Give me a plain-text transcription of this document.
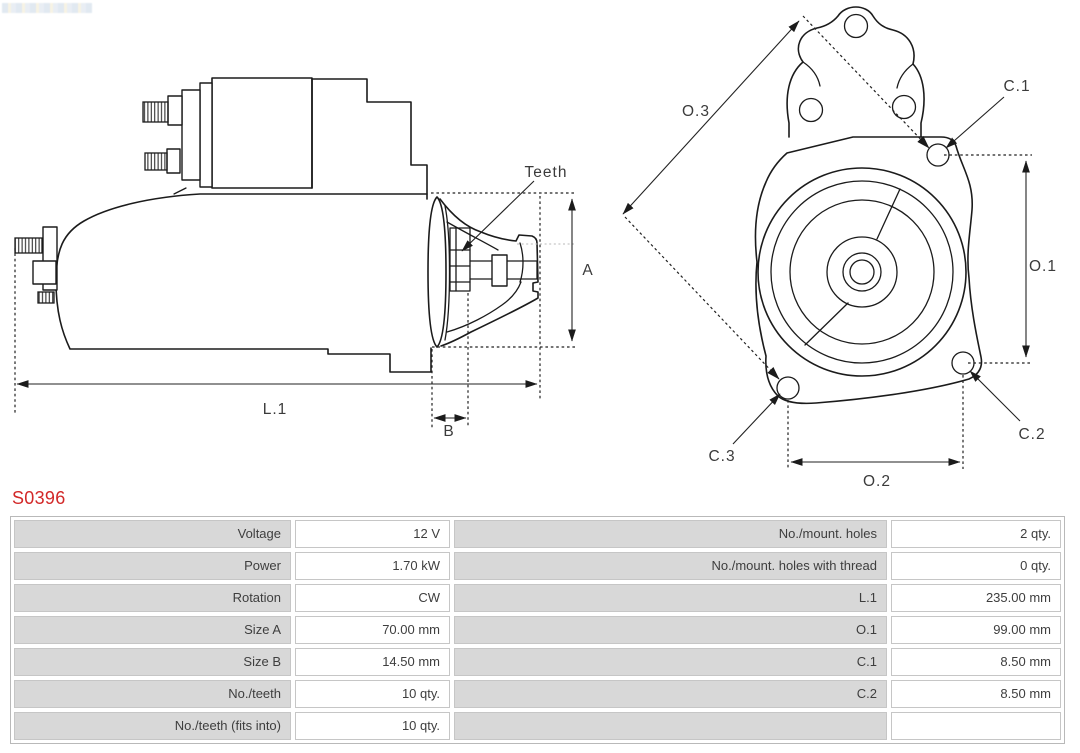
Teeth
A
L.1
B
O.3
C.1
O.1
C.2
C.3
O.2
S0396
Voltage	12 V	No./mount. holes	2 qty.
Power	1.70 kW	No./mount. holes with thread	0 qty.
Rotation	CW	L.1	235.00 mm
Size A	70.00 mm	O.1	99.00 mm
Size B	14.50 mm	C.1	8.50 mm
No./teeth	10 qty.	C.2	8.50 mm
No./teeth (fits into)	10 qty.
